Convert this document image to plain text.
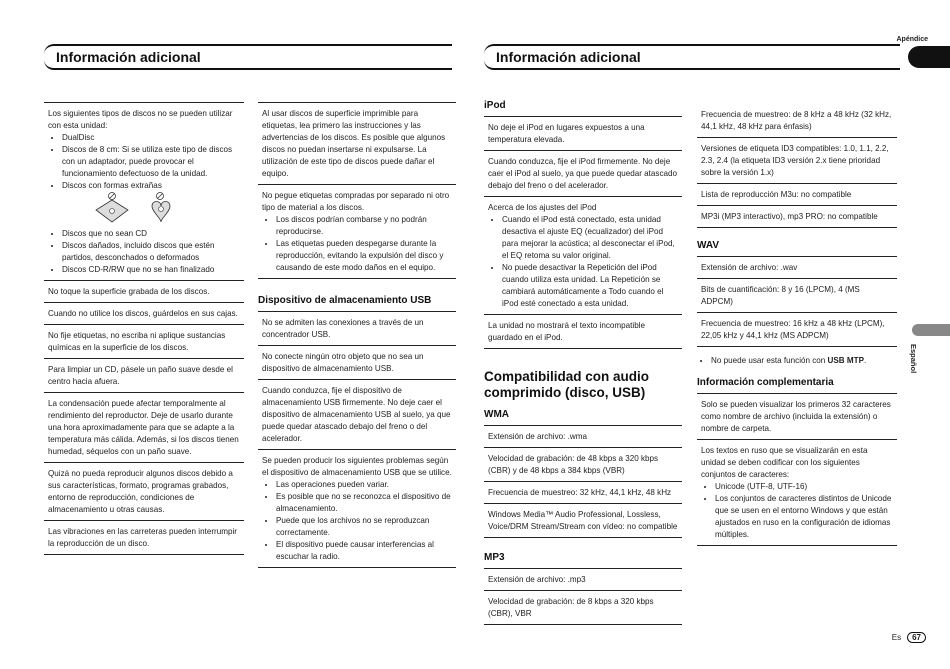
Apéndice
Español
Información adicional	Información adicional
Los siguientes tipos de discos no se pueden utilizar con esta unidad:
• DualDisc
• Discos de 8 cm: Si se utiliza este tipo de discos con un adaptador, puede provocar el funcionamiento defectuoso de la unidad.
• Discos con formas extrañas
• Discos que no sean CD
• Discos dañados, incluido discos que estén partidos, desconchados o deformados
• Discos CD-R/RW que no se han finalizado
No toque la superficie grabada de los discos.
Cuando no utilice los discos, guárdelos en sus cajas.
No fije etiquetas, no escriba ni aplique sustancias químicas en la superficie de los discos.
Para limpiar un CD, pásele un paño suave desde el centro hacia afuera.
La condensación puede afectar temporalmente al rendimiento del reproductor. Deje de usarlo durante una hora aproximadamente para que se adapte a la temperatura más cálida. Además, si los discos tienen humedad, séquelos con un paño suave.
Quizá no pueda reproducir algunos discos debido a sus características, formato, programas grabados, entorno de reproducción, condiciones de almacenamiento u otras causas.
Las vibraciones en las carreteras pueden interrumpir la reproducción de un disco.
Al usar discos de superficie imprimible para etiquetas, lea primero las instrucciones y las advertencias de los discos. Es posible que algunos discos no puedan insertarse ni expulsarse. La utilización de este tipo de discos puede dañar el equipo.
No pegue etiquetas compradas por separado ni otro tipo de material a los discos.
• Los discos podrían combarse y no podrán reproducirse.
• Las etiquetas pueden despegarse durante la reproducción, evitando la expulsión del disco y causando de este modo daños en el equipo.
Dispositivo de almacenamiento USB
No se admiten las conexiones a través de un concentrador USB.
No conecte ningún otro objeto que no sea un dispositivo de almacenamiento USB.
Cuando conduzca, fije el dispositivo de almacenamiento USB firmemente. No deje caer el dispositivo de almacenamiento USB al suelo, ya que puede quedar atascado debajo del freno o del acelerador.
Se pueden producir los siguientes problemas según el dispositivo de almacenamiento USB que se utilice.
• Las operaciones pueden variar.
• Es posible que no se reconozca el dispositivo de almacenamiento.
• Puede que los archivos no se reproduzcan correctamente.
• El dispositivo puede causar interferencias al escuchar la radio.
iPod
No deje el iPod en lugares expuestos a una temperatura elevada.
Cuando conduzca, fije el iPod firmemente. No deje caer el iPod al suelo, ya que puede quedar atascado debajo del freno o del acelerador.
Acerca de los ajustes del iPod
• Cuando el iPod está conectado, esta unidad desactiva el ajuste EQ (ecualizador) del iPod para mejorar la acústica; al desconectar el iPod, el EQ retoma su valor original.
• No puede desactivar la Repetición del iPod cuando utiliza esta unidad. La Repetición se cambiará automáticamente a Todo cuando el iPod esté conectado a esta unidad.
La unidad no mostrará el texto incompatible guardado en el iPod.
Compatibilidad con audio comprimido (disco, USB)
WMA
Extensión de archivo: .wma
Velocidad de grabación: de 48 kbps a 320 kbps (CBR) y de 48 kbps a 384 kbps (VBR)
Frecuencia de muestreo: 32 kHz, 44,1 kHz, 48 kHz
Windows Media™ Audio Professional, Lossless, Voice/DRM Stream/Stream con vídeo: no compatible
MP3
Extensión de archivo: .mp3
Velocidad de grabación: de 8 kbps a 320 kbps (CBR), VBR
Frecuencia de muestreo: de 8 kHz a 48 kHz (32 kHz, 44,1 kHz, 48 kHz para énfasis)
Versiones de etiqueta ID3 compatibles: 1.0, 1.1, 2.2, 2.3, 2.4 (la etiqueta ID3 versión 2.x tiene prioridad sobre la versión 1.x)
Lista de reproducción M3u: no compatible
MP3i (MP3 interactivo), mp3 PRO: no compatible
WAV
Extensión de archivo: .wav
Bits de cuantificación: 8 y 16 (LPCM), 4 (MS ADPCM)
Frecuencia de muestreo: 16 kHz a 48 kHz (LPCM), 22,05 kHz y 44,1 kHz (MS ADPCM)
• No puede usar esta función con USB MTP.
Información complementaria
Solo se pueden visualizar los primeros 32 caracteres como nombre de archivo (incluida la extensión) o nombre de carpeta.
Los textos en ruso que se visualizarán en esta unidad se deben codificar con los siguientes conjuntos de caracteres:
• Unicode (UTF-8, UTF-16)
• Los conjuntos de caracteres distintos de Unicode que se usen en el entorno Windows y que están ajustados en ruso en la configuración de idiomas múltiples.
Es 67
